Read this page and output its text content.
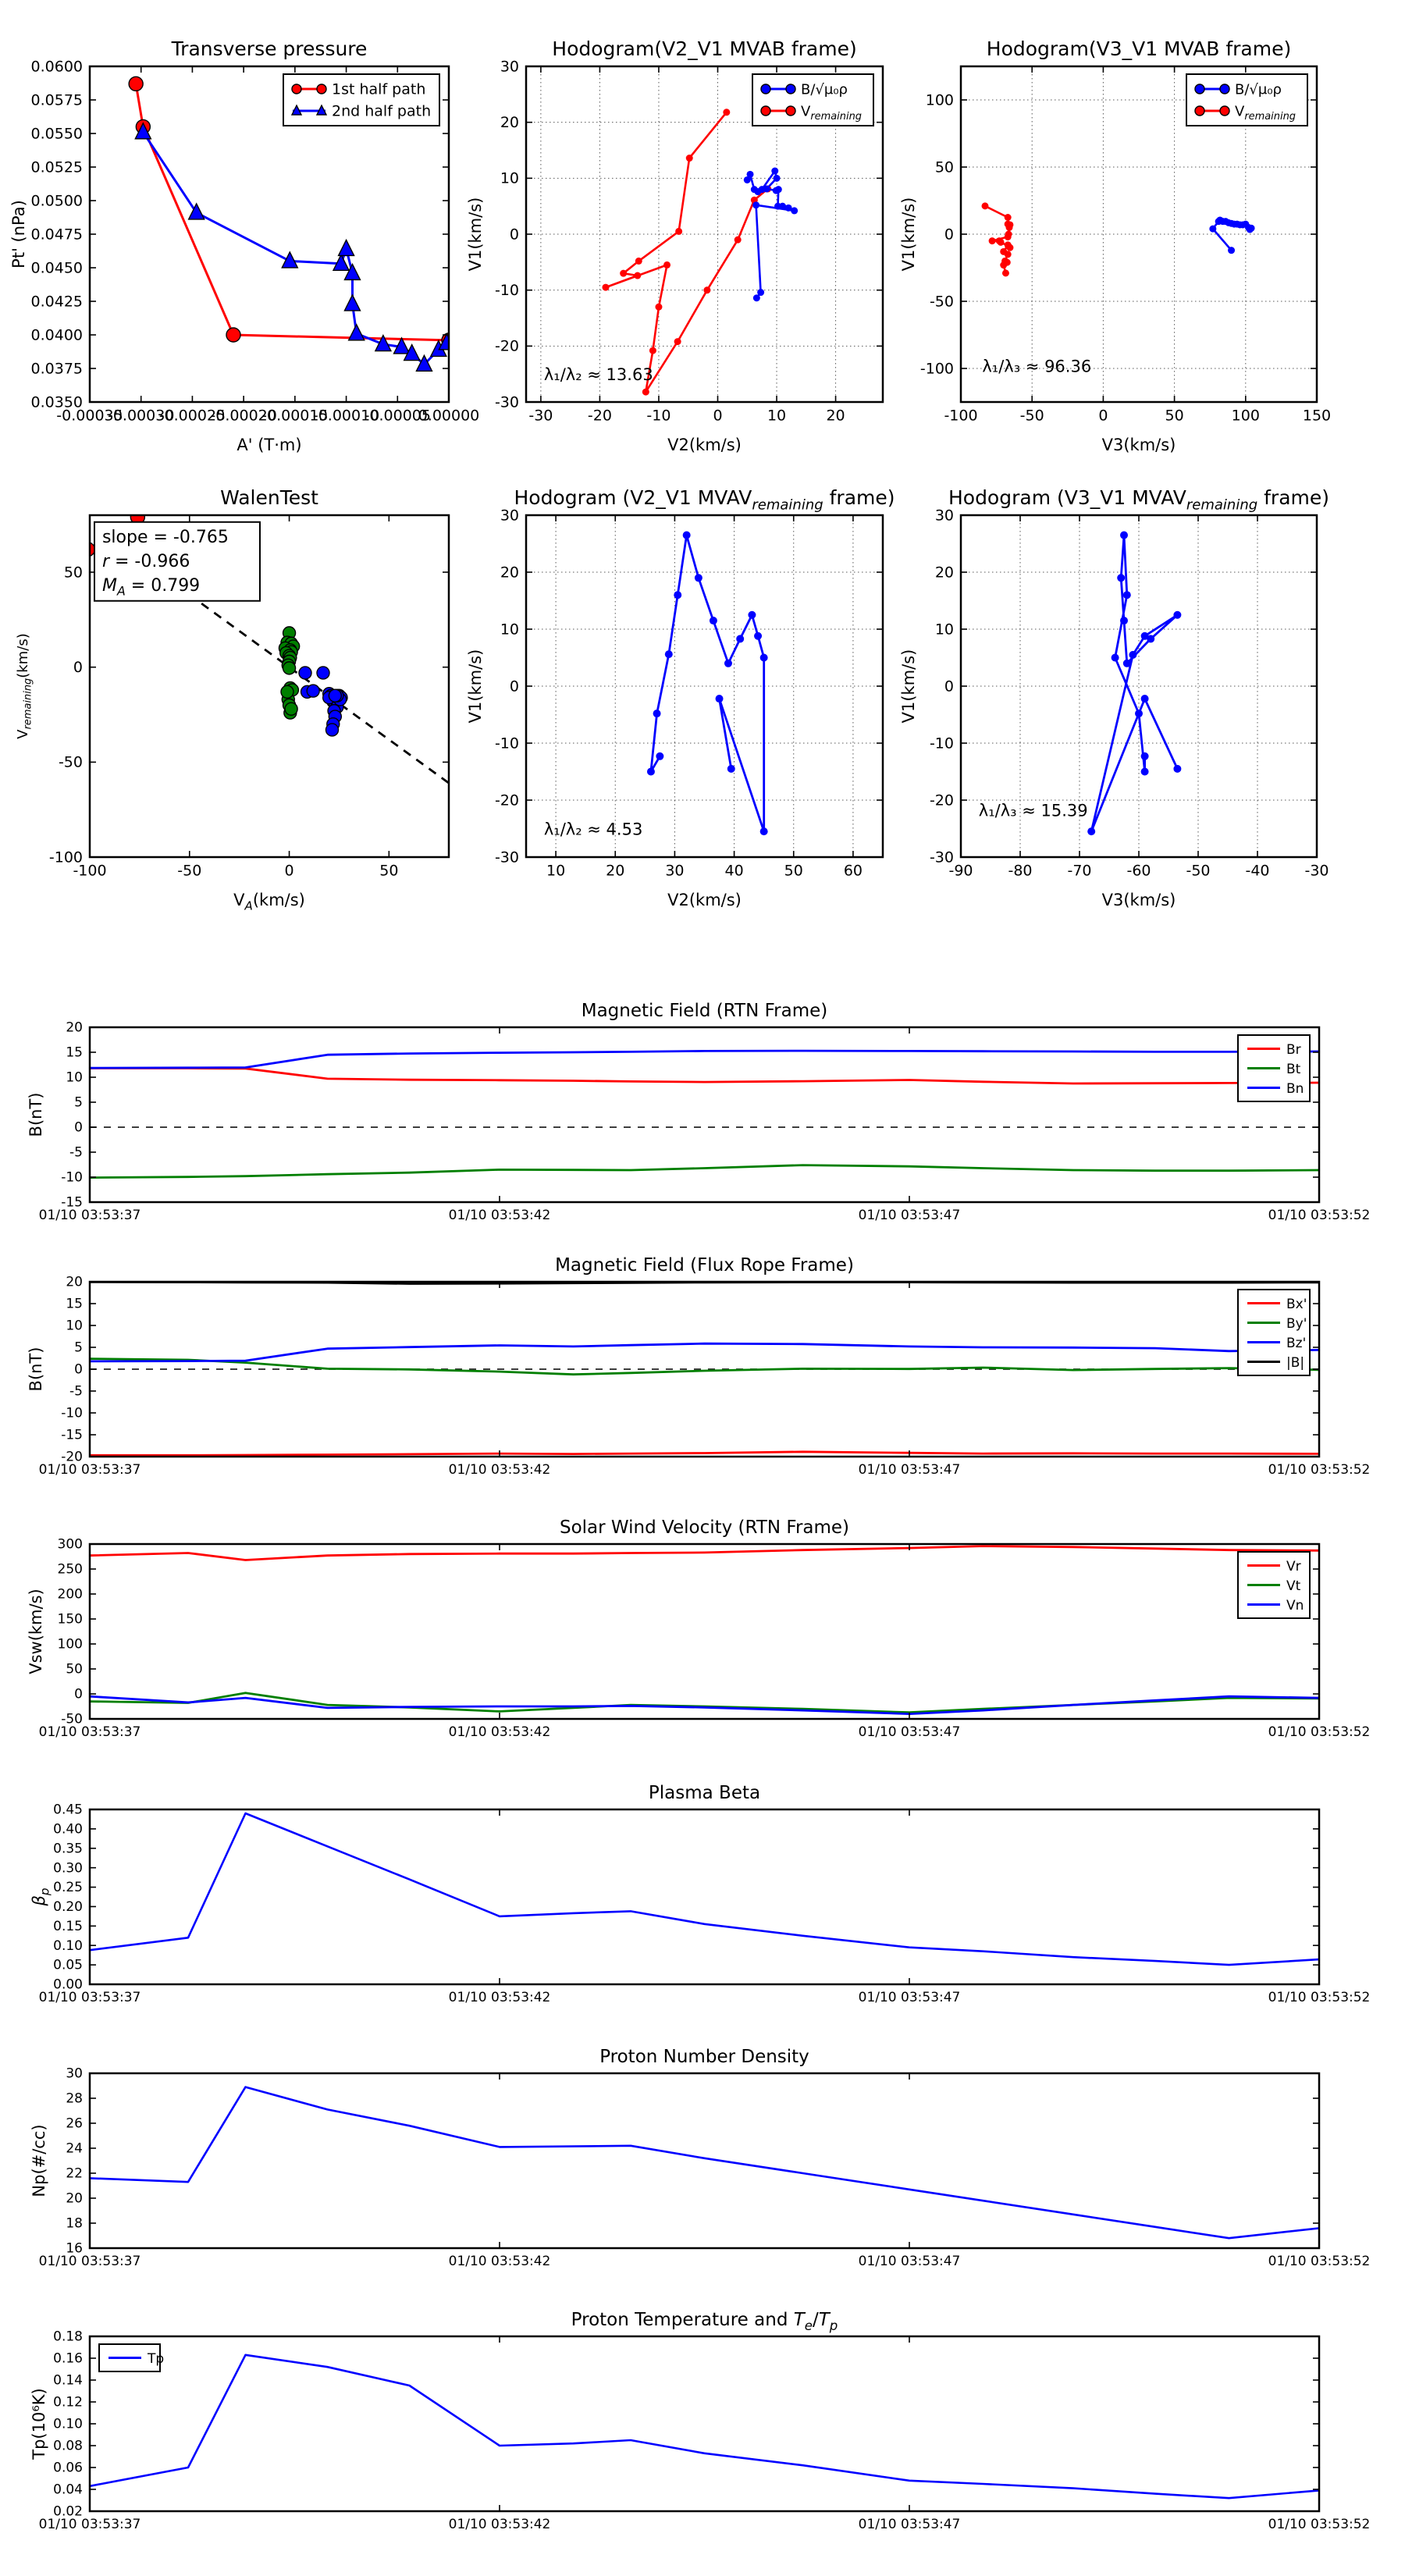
-0.00035
-0.00030
-0.00025
-0.00020
-0.00015
-0.00010
-0.00005
0.00000
0.0350
0.0375
0.0400
0.0425
0.0450
0.0475
0.0500
0.0525
0.0550
0.0575
0.0600
Transverse pressure
A' (T·m)
Pt' (nPa)
1st half path
2nd half path
-30 -20 -10	0	10	20
-30
-20
-10
0
10
20
30
Hodogram(V2_V1 MVAB frame)
V2(km/s)
V1(km/s)
B/√μ₀ρ
$V_{remaining}$
λ₁/λ₂ ≈ 13.63
-100	-50	0	50	100	150
-100
-50
0
50
100
Hodogram(V3_V1 MVAB frame)
V3(km/s)
V1(km/s)
B/√μ₀ρ
$V_{remaining}$
λ₁/λ₃ ≈ 96.36
-100	-50	0	50
-100
-50
0
50
WalenTest
$V_A(km/s)$
$V_{remaining}(km/s)$
slope = -0.765
r = -0.966
$M_A = 0.799$
10	20	30	40	50	60
-30
-20
-10
0
10
20
30
Hodogram (V2_V1 $MVAV_{remaining}$ frame)
V2(km/s)
V1(km/s)
λ₁/λ₂ ≈ 4.53
-90 -80 -70 -60 -50 -40 -30
-30
-20
-10
0
10
20
30
Hodogram (V3_V1 $MVAV_{remaining}$ frame)
V3(km/s)
V1(km/s)
λ₁/λ₃ ≈ 15.39
01/10 03:53:37	01/10 03:53:42	01/10 03:53:47	01/10 03:53:52
-15
-10
-5
0
5
10
15
20
Magnetic Field (RTN Frame)
B(nT)
Br
Bt
Bn
01/10 03:53:37	01/10 03:53:42	01/10 03:53:47	01/10 03:53:52
-20
-15
-10
-5
0
5
10
15
20
Magnetic Field (Flux Rope Frame)
B(nT)
Bx'
By'
Bz'
|B|
01/10 03:53:37	01/10 03:53:42	01/10 03:53:47	01/10 03:53:52
-50
0
50
100
150
200
250
300
Solar Wind Velocity (RTN Frame)
Vsw(km/s)
Vr
Vt
Vn
01/10 03:53:37	01/10 03:53:42	01/10 03:53:47	01/10 03:53:52
0.00
0.05
0.10
0.15
0.20
0.25
0.30
0.35
0.40
0.45
Plasma Beta
$\beta_p$
01/10 03:53:37	01/10 03:53:42	01/10 03:53:47	01/10 03:53:52
16
18
20
22
24
26
28
30
Proton Number Density
Np(#/cc)
01/10 03:53:37	01/10 03:53:42	01/10 03:53:47	01/10 03:53:52
0.02
0.04
0.06
0.08
0.10
0.12
0.14
0.16
0.18
Proton Temperature and $T_e/T_p$
Tp(10⁶K)
Tp
